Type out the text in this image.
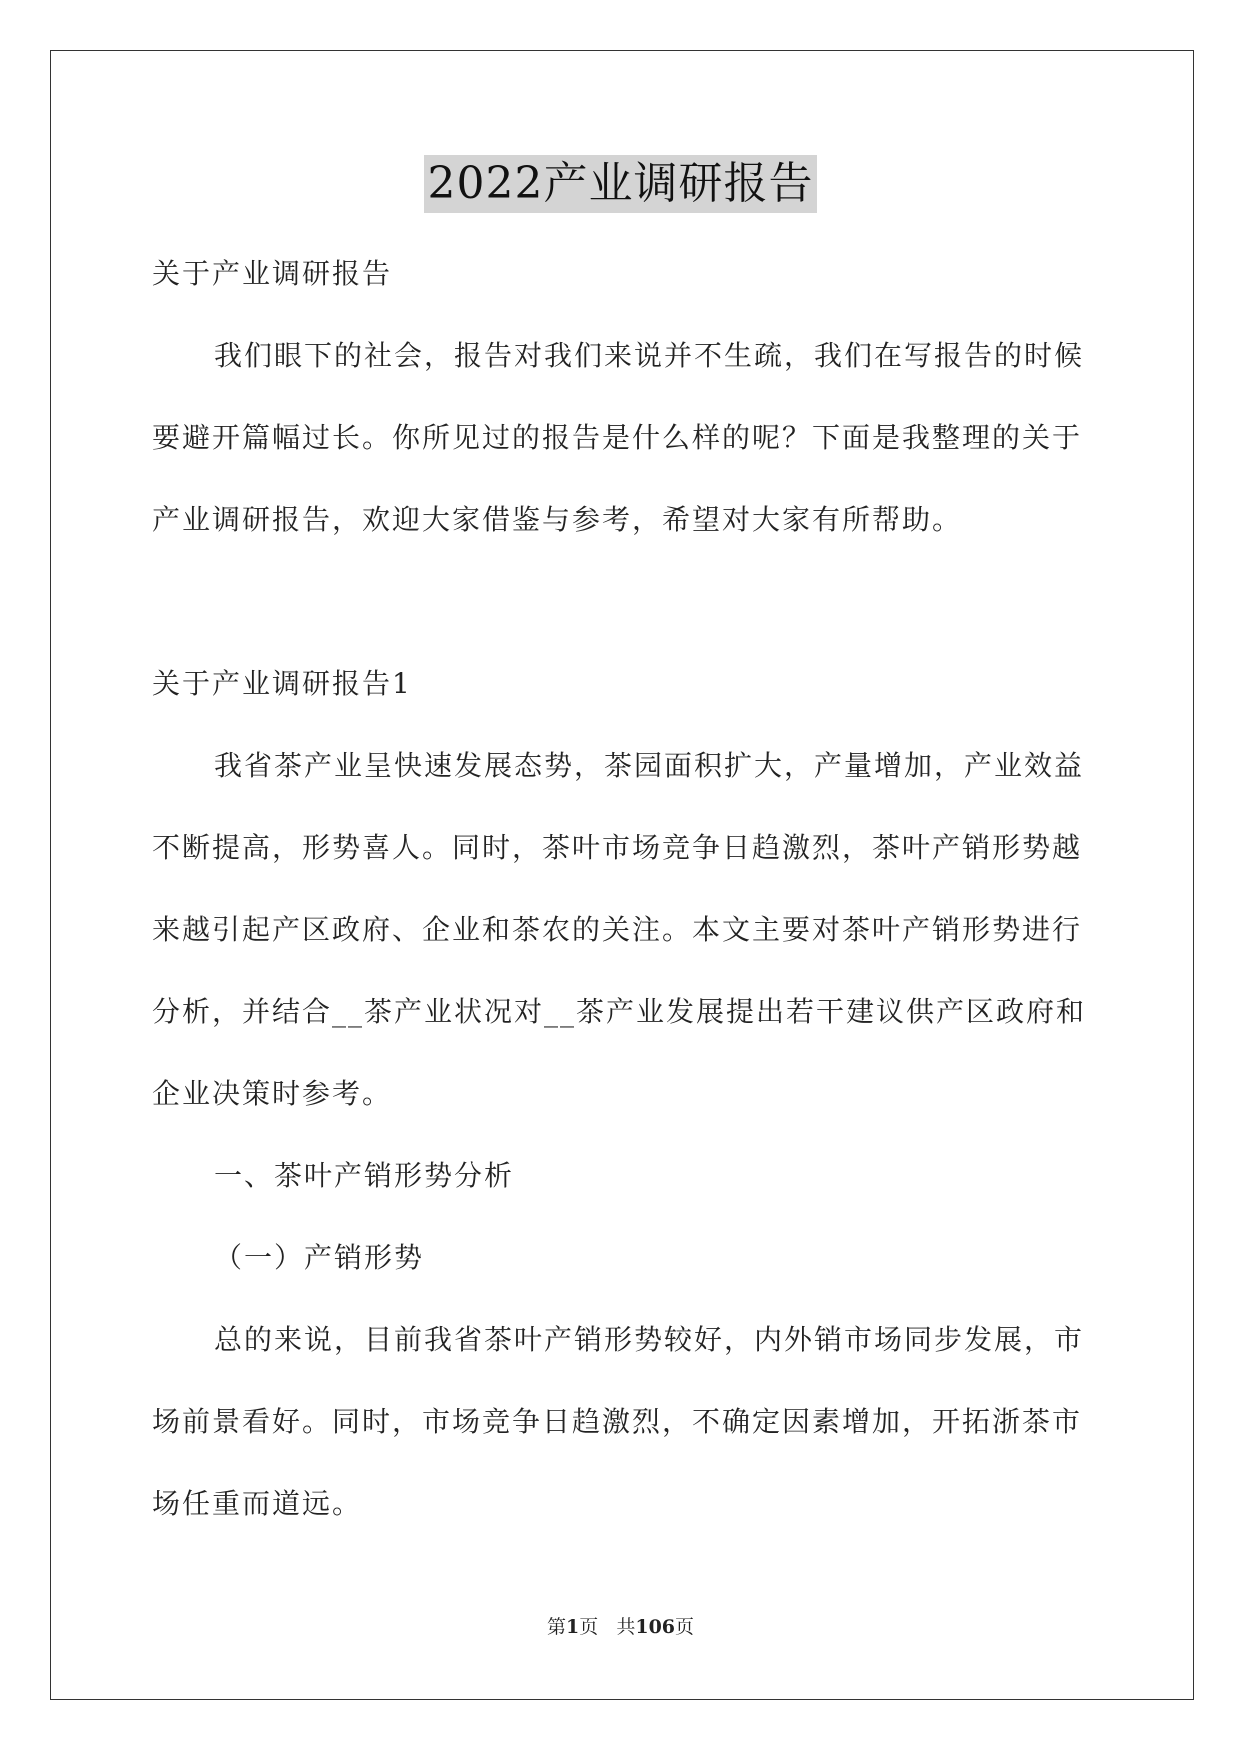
2022产业调研报告

关于产业调研报告

我们眼下的社会，报告对我们来说并不生疏，我们在写报告的时候要避开篇幅过长。你所见过的报告是什么样的呢？下面是我整理的关于产业调研报告，欢迎大家借鉴与参考，希望对大家有所帮助。

关于产业调研报告1

我省茶产业呈快速发展态势，茶园面积扩大，产量增加，产业效益不断提高，形势喜人。同时，茶叶市场竞争日趋激烈，茶叶产销形势越来越引起产区政府、企业和茶农的关注。本文主要对茶叶产销形势进行分析，并结合__茶产业状况对__茶产业发展提出若干建议供产区政府和企业决策时参考。

一、茶叶产销形势分析

（一）产销形势

总的来说，目前我省茶叶产销形势较好，内外销市场同步发展，市场前景看好。同时，市场竞争日趋激烈，不确定因素增加，开拓浙茶市场任重而道远。

第1页 共106页
